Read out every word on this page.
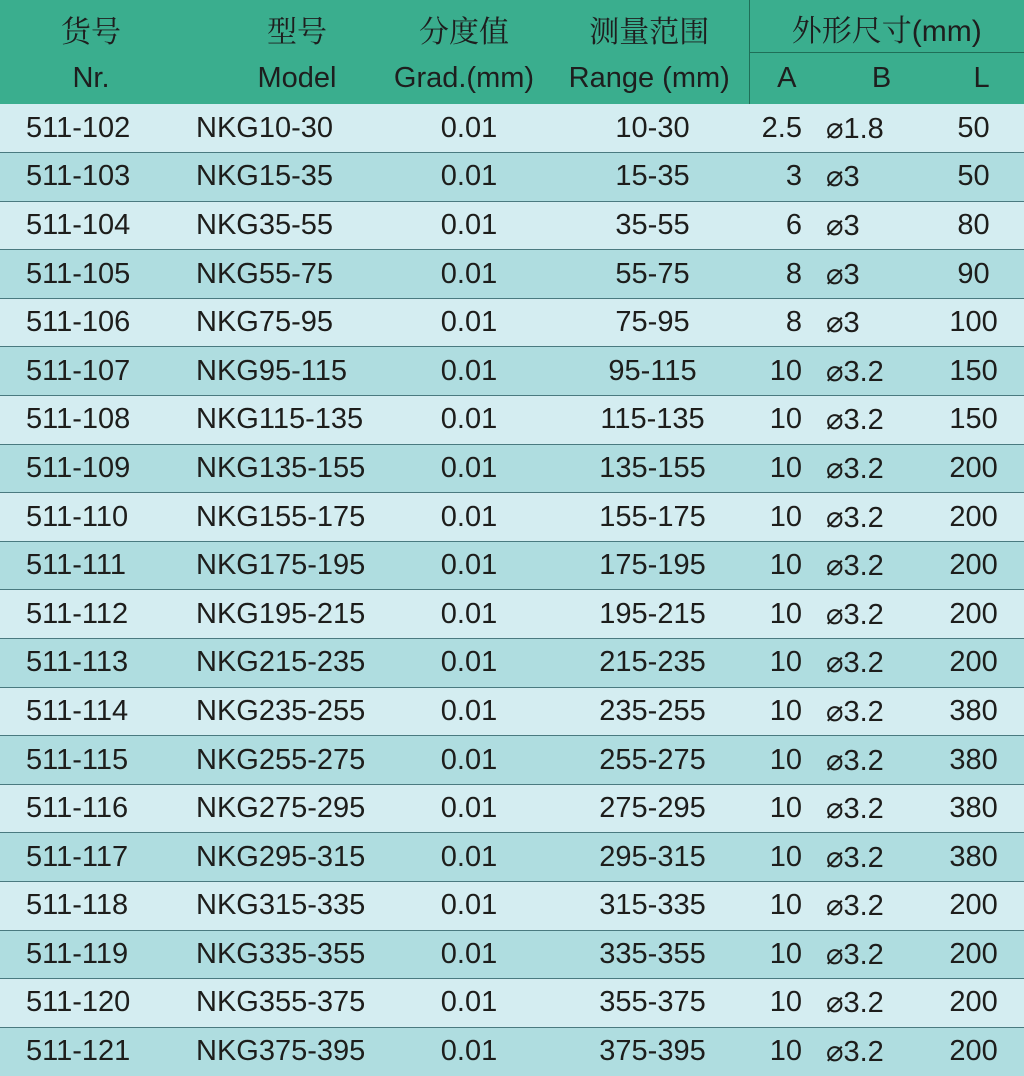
货号	型号	分度值	测量范围	外形尺寸(mm)		
Nr.	Model	Grad.(mm)	Range (mm)	A	B	L
511-102	NKG10-30	0.01	10-30	2.5	⌀1.8	50
511-103	NKG15-35	0.01	15-35	3	⌀3	50
511-104	NKG35-55	0.01	35-55	6	⌀3	80
511-105	NKG55-75	0.01	55-75	8	⌀3	90
511-106	NKG75-95	0.01	75-95	8	⌀3	100
511-107	NKG95-115	0.01	95-115	10	⌀3.2	150
511-108	NKG115-135	0.01	115-135	10	⌀3.2	150
511-109	NKG135-155	0.01	135-155	10	⌀3.2	200
511-110	NKG155-175	0.01	155-175	10	⌀3.2	200
511-111	NKG175-195	0.01	175-195	10	⌀3.2	200
511-112	NKG195-215	0.01	195-215	10	⌀3.2	200
511-113	NKG215-235	0.01	215-235	10	⌀3.2	200
511-114	NKG235-255	0.01	235-255	10	⌀3.2	380
511-115	NKG255-275	0.01	255-275	10	⌀3.2	380
511-116	NKG275-295	0.01	275-295	10	⌀3.2	380
511-117	NKG295-315	0.01	295-315	10	⌀3.2	380
511-118	NKG315-335	0.01	315-335	10	⌀3.2	200
511-119	NKG335-355	0.01	335-355	10	⌀3.2	200
511-120	NKG355-375	0.01	355-375	10	⌀3.2	200
511-121	NKG375-395	0.01	375-395	10	⌀3.2	200
